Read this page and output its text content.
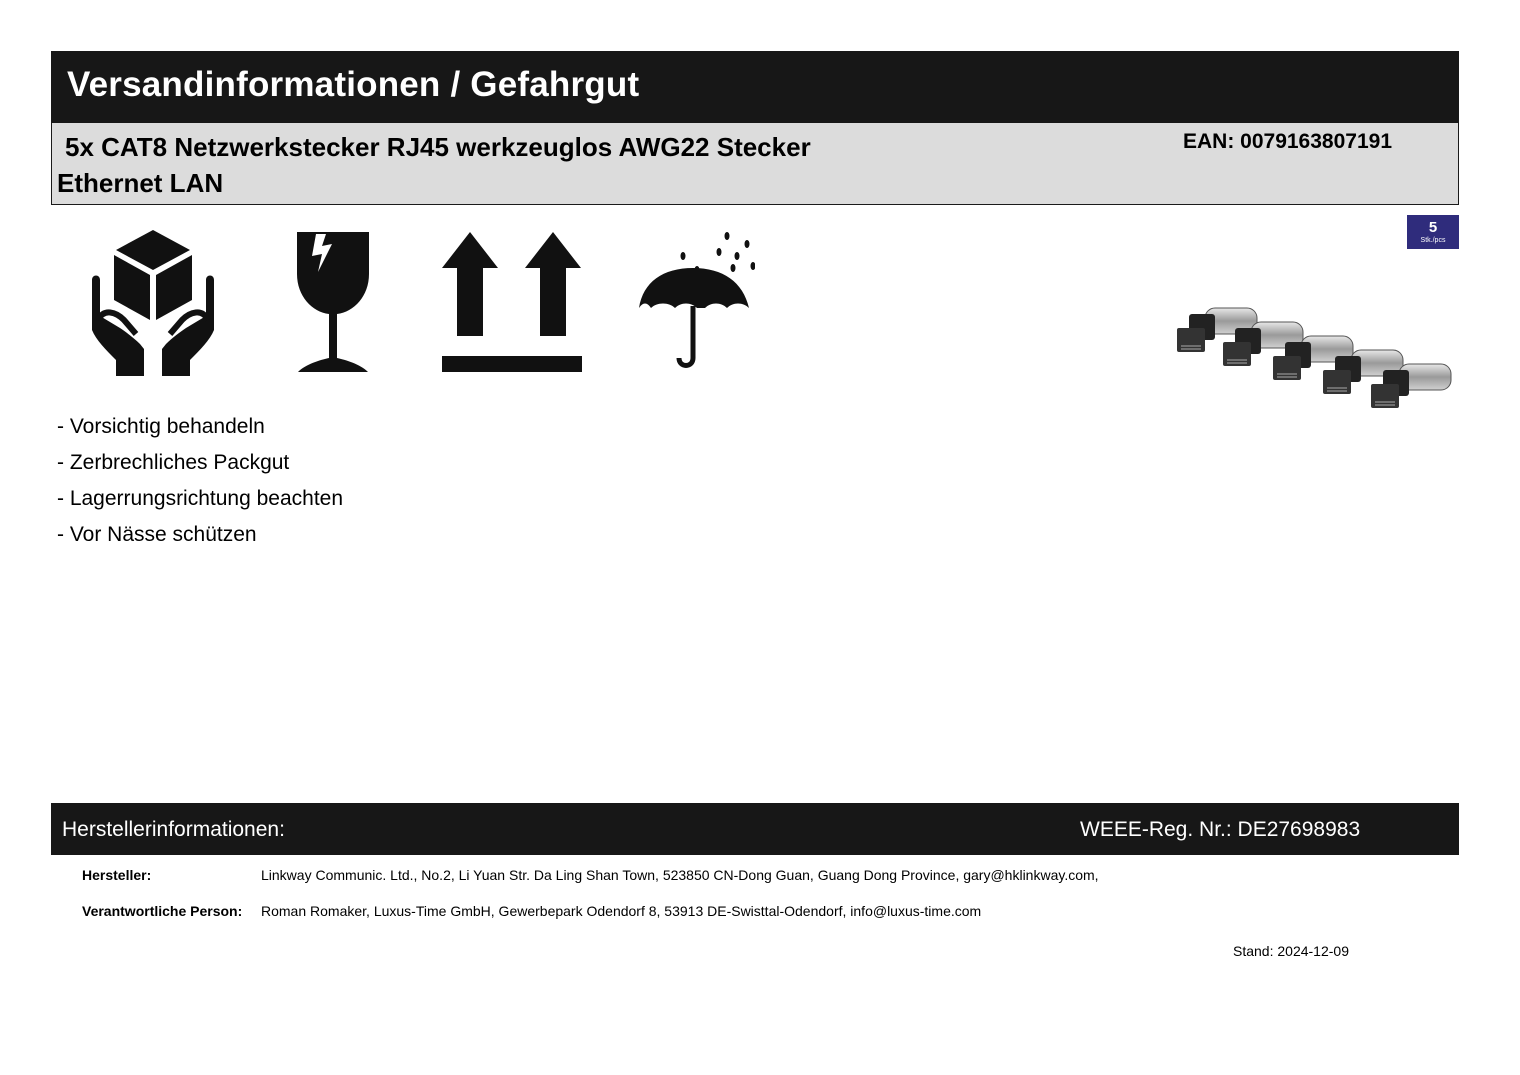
Versandinformationen / Gefahrgut
5x CAT8 Netzwerkstecker RJ45 werkzeuglos AWG22 Stecker Ethernet LAN
EAN: 0079163807191
5
Stk./pcs
- Vorsichtig behandeln
- Zerbrechliches Packgut
- Lagerrungsrichtung beachten
- Vor Nässe schützen
Herstellerinformationen:	WEEE-Reg. Nr.: DE27698983
Hersteller:	Linkway Communic. Ltd., No.2, Li Yuan Str. Da Ling Shan Town, 523850 CN-Dong Guan, Guang Dong Province, gary@hklinkway.com,
Verantwortliche Person: Roman Romaker, Luxus-Time GmbH, Gewerbepark Odendorf 8, 53913 DE-Swisttal-Odendorf, info@luxus-time.com
Stand: 2024-12-09
